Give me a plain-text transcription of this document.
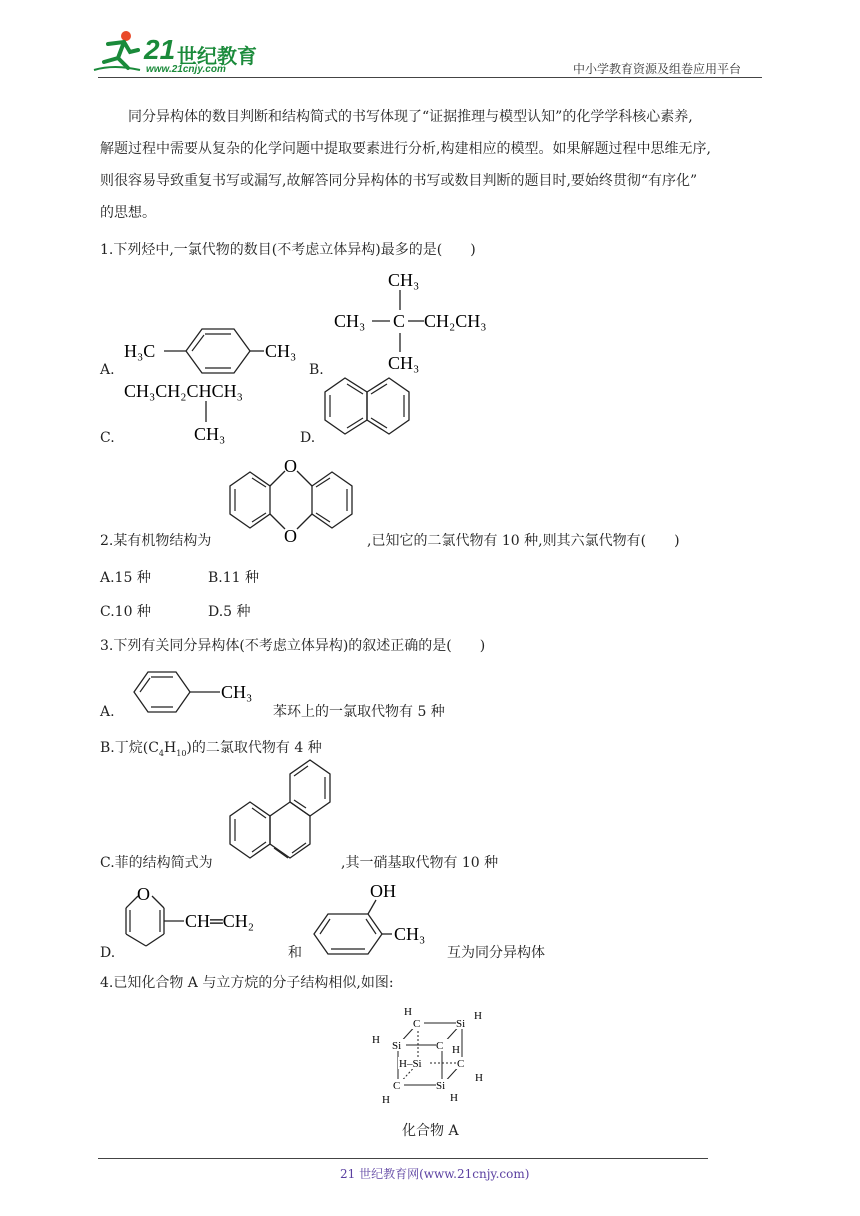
21 世纪教育
www.21cnjy.com	中小学教育资源及组卷应用平台
同分异构体的数目判断和结构简式的书写体现了“证据推理与模型认知”的化学学科核心素养,
解题过程中需要从复杂的化学问题中提取要素进行分析,构建相应的模型。如果解题过程中思维无序,
则很容易导致重复书写或漏写,故解答同分异构体的书写或数目判断的题目时,要始终贯彻“有序化”
的思想。
1.下列烃中,一氯代物的数目(不考虑立体异构)最多的是(　　)
A.
H₃C	CH₃
B.
CH₃
CH₃ C CH₂CH₃
CH₃
C.
CH₃CH₂CHCH₃
CH₃	D.
O
O
2.某有机物结构为	,已知它的二氯代物有 10 种,则其六氯代物有(　　)
A.15 种	B.11 种
C.10 种	D.5 种
3.下列有关同分异构体(不考虑立体异构)的叙述正确的是(　　)
A.
CH₃
苯环上的一氯取代物有 5 种
B.丁烷$(C_4H_{10})$的二氯取代物有 4 种
C.菲的结构简式为	,其一硝基取代物有 10 种
D.
O
CH═CH₂
和
OH
CH₃
互为同分异构体
4.已知化合物 A 与立方烷的分子结构相似,如图:
C
H
Si
H
Si
H	C H
H–Si	C
H
C
H
Si
H
化合物 A
21 世纪教育网(www.21cnjy.com)
